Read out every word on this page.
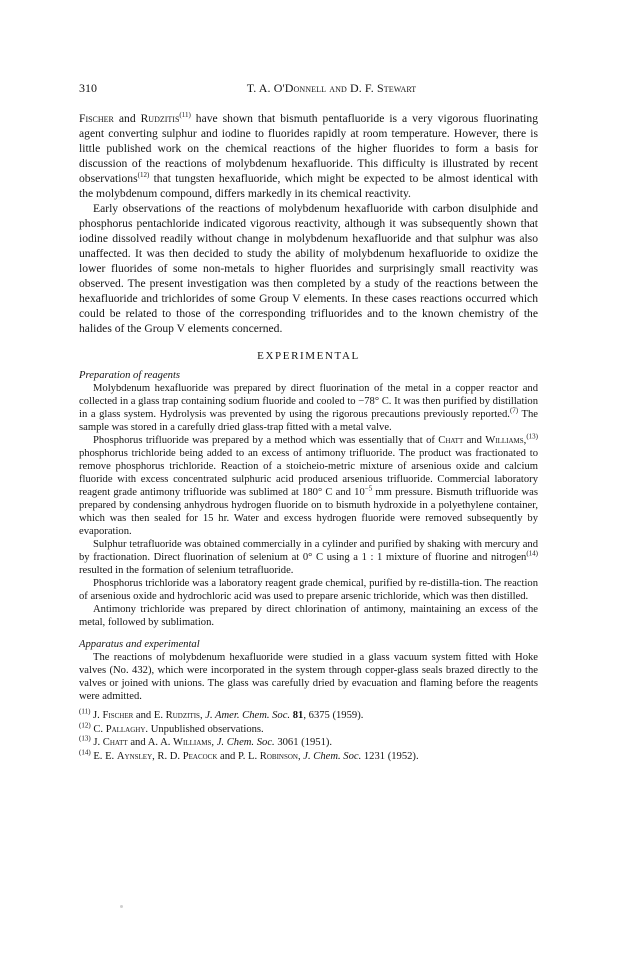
310	T. A. O'Donnell and D. F. Stewart

Fischer and Rudzitis$^{(11)}$ have shown that bismuth pentafluoride is a very vigorous fluorinating agent converting sulphur and iodine to fluorides rapidly at room temperature. However, there is little published work on the chemical reactions of the higher fluorides to form a basis for discussion of the reactions of molybdenum hexafluoride. This difficulty is illustrated by recent observations$^{(12)}$ that tungsten hexafluoride, which might be expected to be almost identical with the molybdenum compound, differs markedly in its chemical reactivity.

Early observations of the reactions of molybdenum hexafluoride with carbon disulphide and phosphorus pentachloride indicated vigorous reactivity, although it was subsequently shown that iodine dissolved readily without change in molybdenum hexafluoride and that sulphur was also unaffected. It was then decided to study the ability of molybdenum hexafluoride to oxidize the lower fluorides of some non-metals to higher fluorides and surprisingly small reactivity was observed. The present investigation was then completed by a study of the reactions between the hexafluoride and trichlorides of some Group V elements. In these cases reactions occurred which could be related to those of the corresponding trifluorides and to the known chemistry of the halides of the Group V elements concerned.

EXPERIMENTAL
Preparation of reagents

Molybdenum hexafluoride was prepared by direct fluorination of the metal in a copper reactor and collected in a glass trap containing sodium fluoride and cooled to −78° C. It was then purified by distillation in a glass system. Hydrolysis was prevented by using the rigorous precautions previously reported.$^{(7)}$ The sample was stored in a carefully dried glass-trap fitted with a metal valve.

Phosphorus trifluoride was prepared by a method which was essentially that of Chatt and Williams,$^{(13)}$ phosphorus trichloride being added to an excess of antimony trifluoride. The product was fractionated to remove phosphorus trichloride. Reaction of a stoicheio-metric mixture of arsenious oxide and calcium fluoride with excess concentrated sulphuric acid produced arsenious trifluoride. Commercial laboratory reagent grade antimony trifluoride was sublimed at 180° C and $10^{-5}$ mm pressure. Bismuth trifluoride was prepared by condensing anhydrous hydrogen fluoride on to bismuth hydroxide in a polyethylene container, which was then sealed for 15 hr. Water and excess hydrogen fluoride were removed subsequently by evaporation.

Sulphur tetrafluoride was obtained commercially in a cylinder and purified by shaking with mercury and by fractionation. Direct fluorination of selenium at 0° C using a 1 : 1 mixture of fluorine and nitrogen$^{(14)}$ resulted in the formation of selenium tetrafluoride.

Phosphorus trichloride was a laboratory reagent grade chemical, purified by re-distilla-tion. The reaction of arsenious oxide and hydrochloric acid was used to prepare arsenic trichloride, which was then distilled.

Antimony trichloride was prepared by direct chlorination of antimony, maintaining an excess of the metal, followed by sublimation.

Apparatus and experimental

The reactions of molybdenum hexafluoride were studied in a glass vacuum system fitted with Hoke valves (No. 432), which were incorporated in the system through copper-glass seals brazed directly to the valves or joined with unions. The glass was carefully dried by evacuation and flaming before the reagents were admitted.

$^{(11)}$ J. Fischer and E. Rudzitis, J. Amer. Chem. Soc. 81, 6375 (1959).

$^{(12)}$ C. Pallaghy. Unpublished observations.

$^{(13)}$ J. Chatt and A. A. Williams, J. Chem. Soc. 3061 (1951).

$^{(14)}$ E. E. Aynsley, R. D. Peacock and P. L. Robinson, J. Chem. Soc. 1231 (1952).
